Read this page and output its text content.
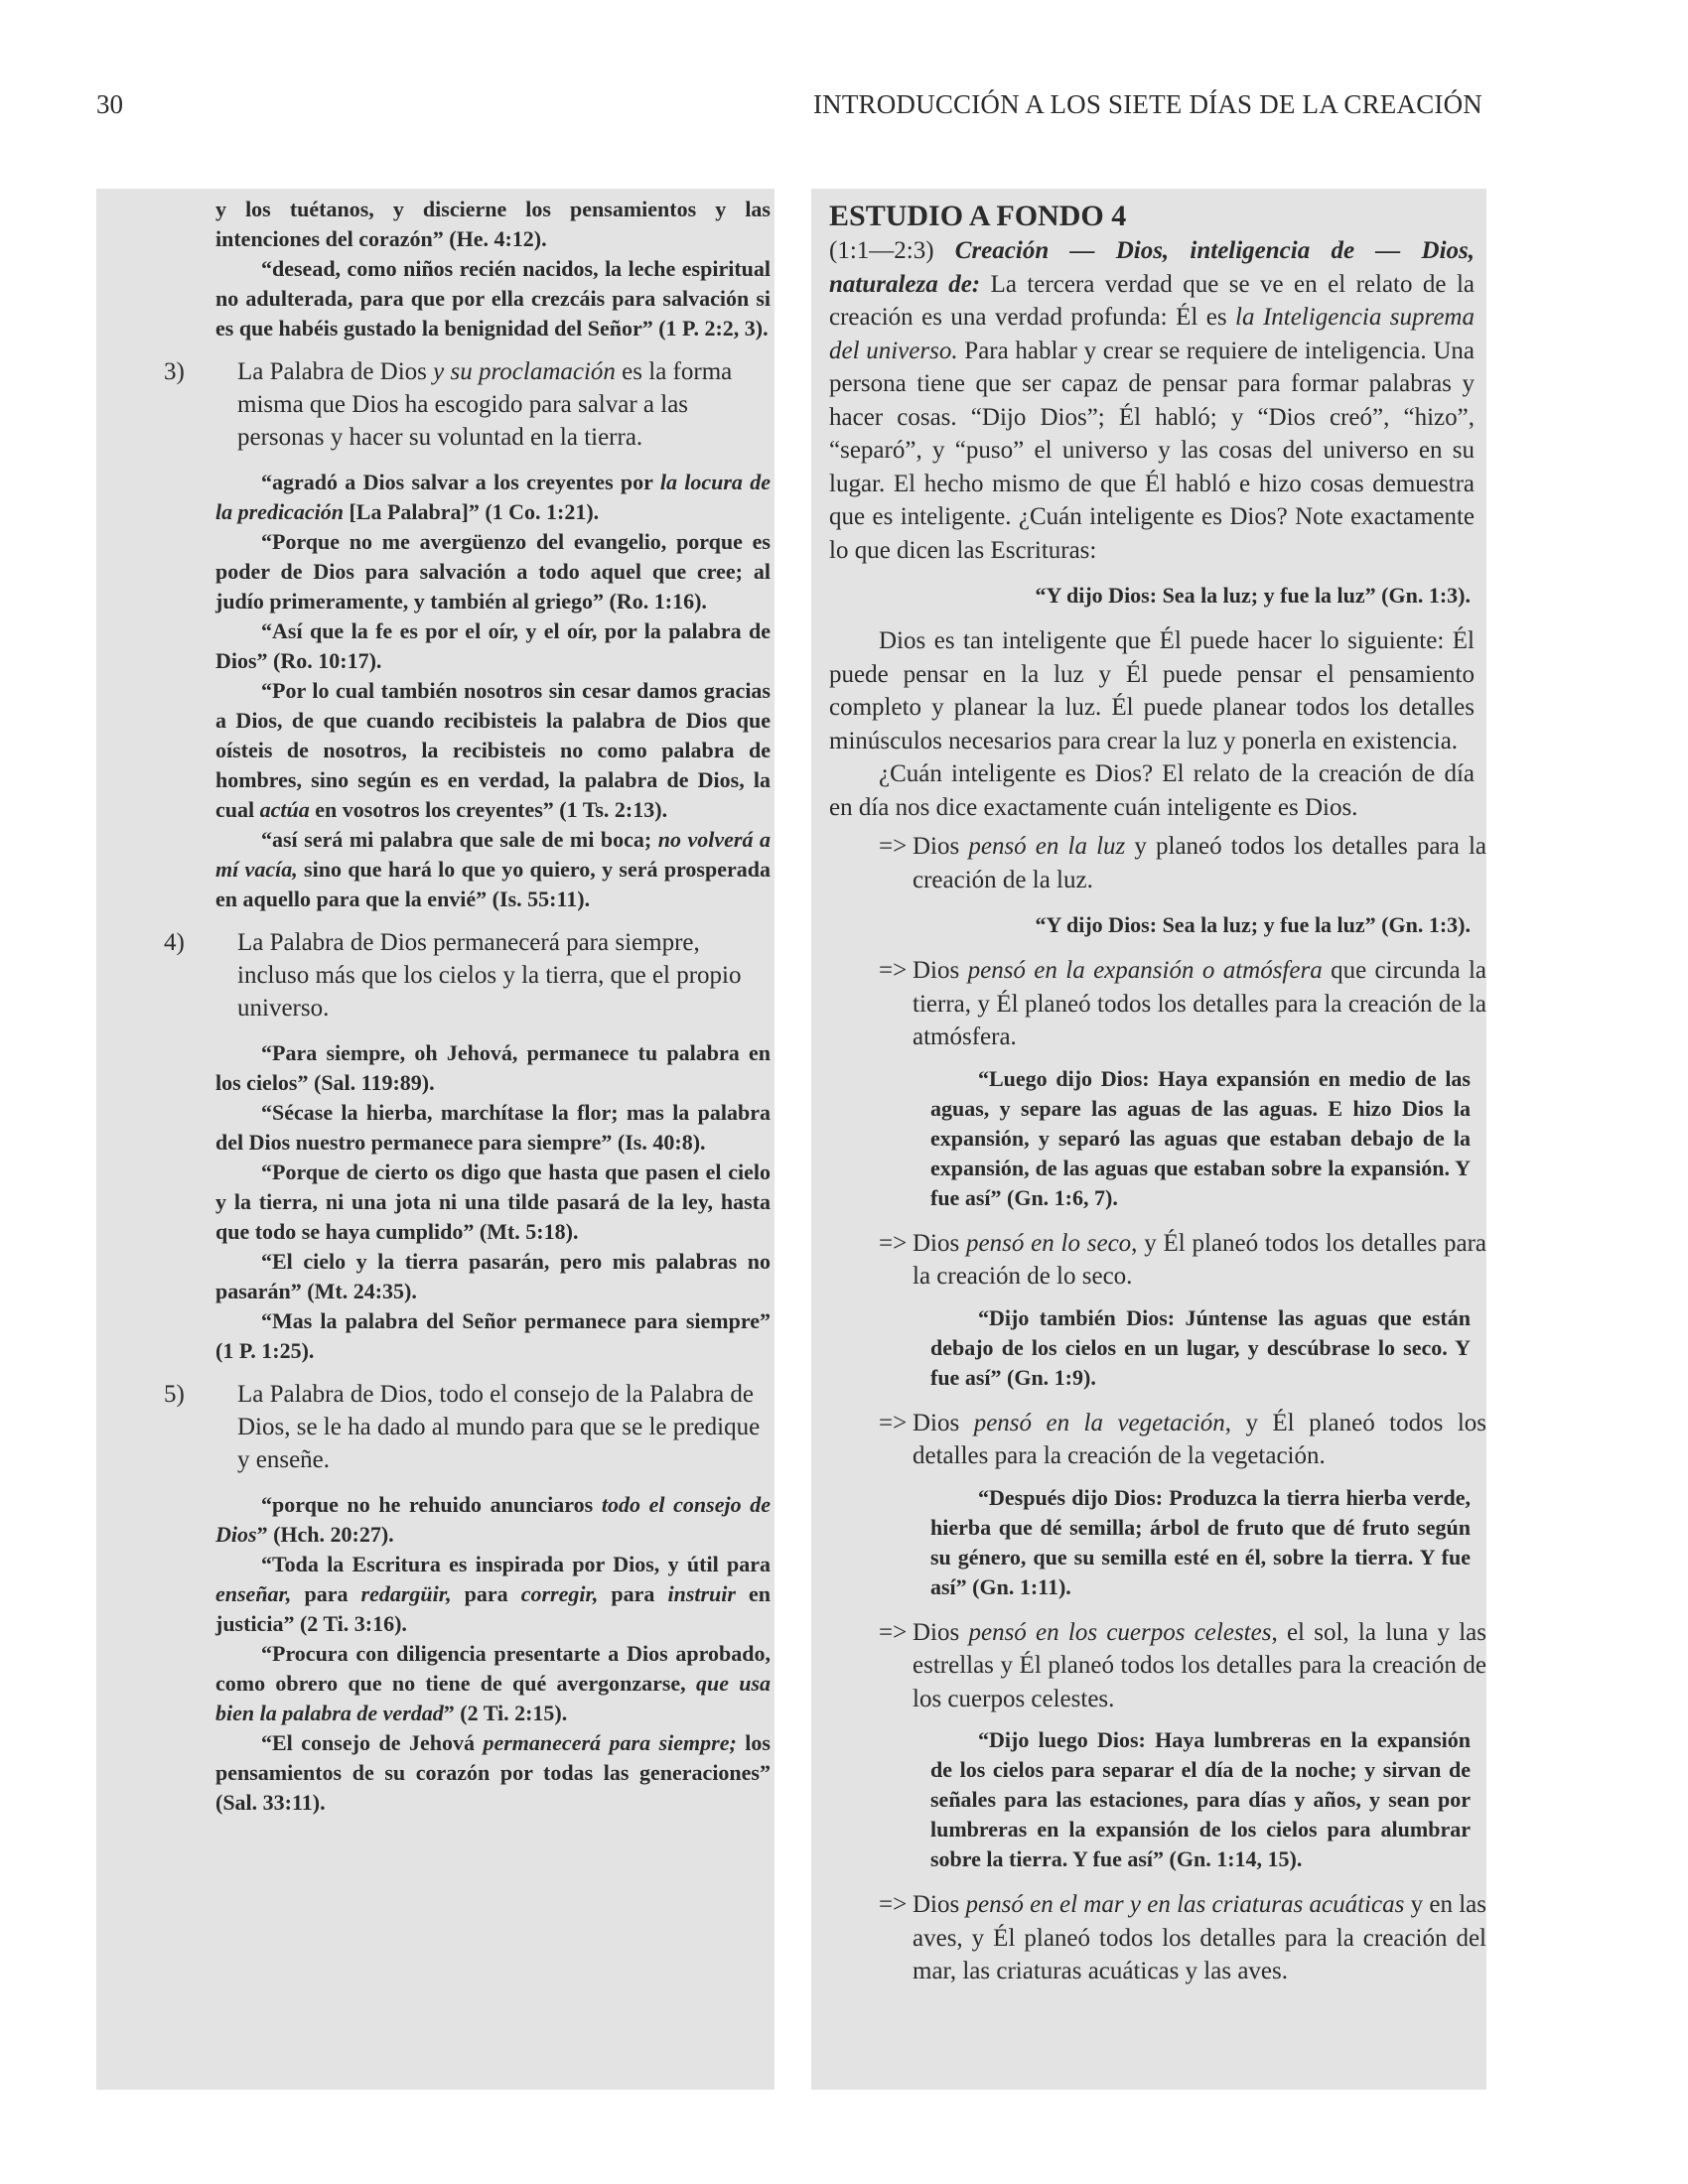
30	INTRODUCCIÓN A LOS SIETE DÍAS DE LA CREACIÓN

y los tuétanos, y discierne los pensamientos y las intenciones del corazón” (He. 4:12).

“desead, como niños recién nacidos, la leche espiritual no adulterada, para que por ella crezcáis para salvación si es que habéis gustado la benignidad del Señor” (1 P. 2:2, 3).

3) La Palabra de Dios y su proclamación es la forma misma que Dios ha escogido para salvar a las personas y hacer su voluntad en la tierra.

“agradó a Dios salvar a los creyentes por la locura de la predicación [La Palabra]” (1 Co. 1:21).

“Porque no me avergüenzo del evangelio, porque es poder de Dios para salvación a todo aquel que cree; al judío primeramente, y también al griego” (Ro. 1:16).

“Así que la fe es por el oír, y el oír, por la palabra de Dios” (Ro. 10:17).

“Por lo cual también nosotros sin cesar damos gracias a Dios, de que cuando recibisteis la palabra de Dios que oísteis de nosotros, la recibisteis no como palabra de hombres, sino según es en verdad, la palabra de Dios, la cual actúa en vosotros los creyentes” (1 Ts. 2:13).

“así será mi palabra que sale de mi boca; no volverá a mí vacía, sino que hará lo que yo quiero, y será prosperada en aquello para que la envié” (Is. 55:11).

4) La Palabra de Dios permanecerá para siempre, incluso más que los cielos y la tierra, que el propio universo.

“Para siempre, oh Jehová, permanece tu palabra en los cielos” (Sal. 119:89).

“Sécase la hierba, marchítase la flor; mas la palabra del Dios nuestro permanece para siempre” (Is. 40:8).

“Porque de cierto os digo que hasta que pasen el cielo y la tierra, ni una jota ni una tilde pasará de la ley, hasta que todo se haya cumplido” (Mt. 5:18).

“El cielo y la tierra pasarán, pero mis palabras no pasarán” (Mt. 24:35).

“Mas la palabra del Señor permanece para siempre” (1 P. 1:25).

5) La Palabra de Dios, todo el consejo de la Palabra de Dios, se le ha dado al mundo para que se le predique y enseñe.

“porque no he rehuido anunciaros todo el consejo de Dios” (Hch. 20:27).

“Toda la Escritura es inspirada por Dios, y útil para enseñar, para redargüir, para corregir, para instruir en justicia” (2 Ti. 3:16).

“Procura con diligencia presentarte a Dios aprobado, como obrero que no tiene de qué avergonzarse, que usa bien la palabra de verdad” (2 Ti. 2:15).

“El consejo de Jehová permanecerá para siempre; los pensamientos de su corazón por todas las generaciones” (Sal. 33:11).

ESTUDIO A FONDO 4

(1:1—2:3) Creación — Dios, inteligencia de — Dios, naturaleza de: La tercera verdad que se ve en el relato de la creación es una verdad profunda: Él es la Inteligencia suprema del universo. Para hablar y crear se requiere de inteligencia. Una persona tiene que ser capaz de pensar para formar palabras y hacer cosas. “Dijo Dios”; Él habló; y “Dios creó”, “hizo”, “separó”, y “puso” el universo y las cosas del universo en su lugar. El hecho mismo de que Él habló e hizo cosas demuestra que es inteligente. ¿Cuán inteligente es Dios? Note exactamente lo que dicen las Escrituras:

“Y dijo Dios: Sea la luz; y fue la luz” (Gn. 1:3).

Dios es tan inteligente que Él puede hacer lo siguiente: Él puede pensar en la luz y Él puede pensar el pensamiento completo y planear la luz. Él puede planear todos los detalles minúsculos necesarios para crear la luz y ponerla en existencia.

¿Cuán inteligente es Dios? El relato de la creación de día en día nos dice exactamente cuán inteligente es Dios.

=> Dios pensó en la luz y planeó todos los detalles para la creación de la luz.
“Y dijo Dios: Sea la luz; y fue la luz” (Gn. 1:3).
=> Dios pensó en la expansión o atmósfera que circunda la tierra, y Él planeó todos los detalles para la creación de la atmósfera.

“Luego dijo Dios: Haya expansión en medio de las aguas, y separe las aguas de las aguas. E hizo Dios la expansión, y separó las aguas que estaban debajo de la expansión, de las aguas que estaban sobre la expansión. Y fue así” (Gn. 1:6, 7).

=> Dios pensó en lo seco, y Él planeó todos los detalles para la creación de lo seco.

“Dijo también Dios: Júntense las aguas que están debajo de los cielos en un lugar, y descúbrase lo seco. Y fue así” (Gn. 1:9).

=> Dios pensó en la vegetación, y Él planeó todos los detalles para la creación de la vegetación.

“Después dijo Dios: Produzca la tierra hierba verde, hierba que dé semilla; árbol de fruto que dé fruto según su género, que su semilla esté en él, sobre la tierra. Y fue así” (Gn. 1:11).

=> Dios pensó en los cuerpos celestes, el sol, la luna y las estrellas y Él planeó todos los detalles para la creación de los cuerpos celestes.

“Dijo luego Dios: Haya lumbreras en la expansión de los cielos para separar el día de la noche; y sirvan de señales para las estaciones, para días y años, y sean por lumbreras en la expansión de los cielos para alumbrar sobre la tierra. Y fue así” (Gn. 1:14, 15).

=> Dios pensó en el mar y en las criaturas acuáticas y en las aves, y Él planeó todos los detalles para la creación del mar, las criaturas acuáticas y las aves.
